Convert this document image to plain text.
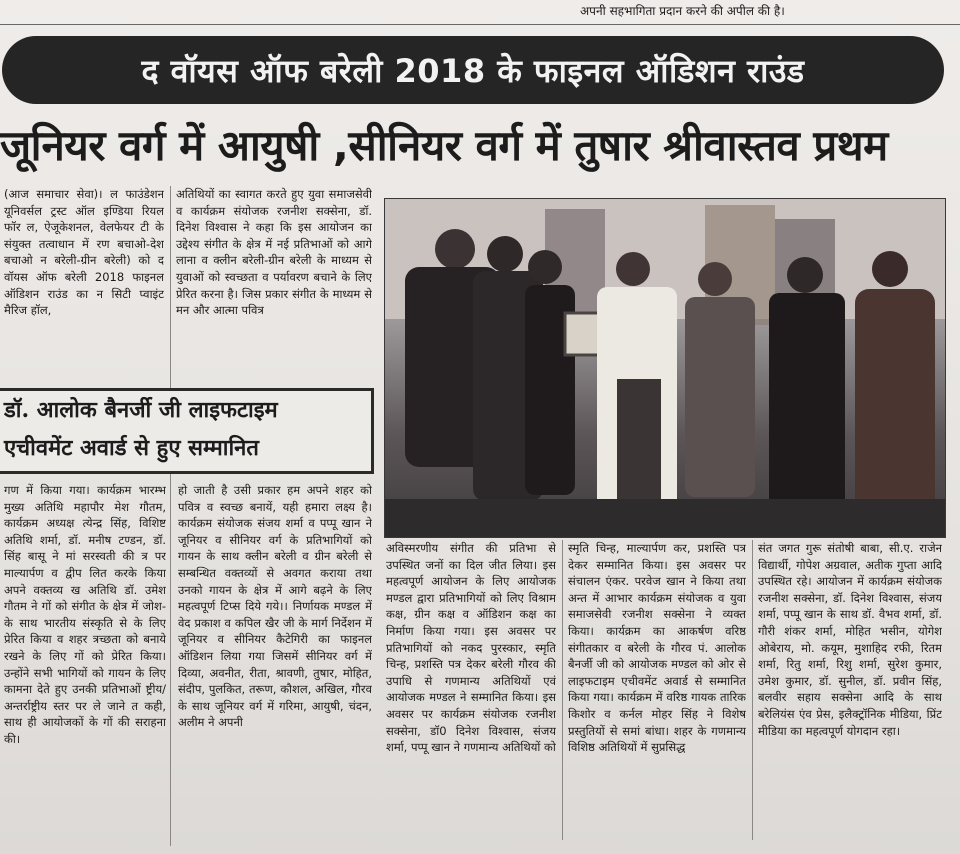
अपनी सहभागिता प्रदान करने की अपील की है।
द वॉयस ऑफ बरेली 2018 के फाइनल ऑडिशन राउंड
जूनियर वर्ग में आयुषी ,सीनियर वर्ग में तुषार श्रीवास्तव प्रथम

(आज समाचार सेवा)। ल फाउंडेशन यूनिवर्सल ट्रस्ट ऑल इण्डिया रियल फॉर ल, ऐजूकेशनल, वेलफेयर टी के संयुक्त तत्वाधान में रण बचाओ-देश बचाओ न बरेली-ग्रीन बरेली) को द वॉयस ऑफ बरेली 2018 फाइनल ऑडिशन राउंड का न सिटी प्वाइंट मैरिज हॉल,

अतिथियों का स्वागत करते हुए युवा समाजसेवी व कार्यक्रम संयोजक रजनीश सक्सेना, डॉ. दिनेश विश्वास ने कहा कि इस आयोजन का उद्देश्य संगीत के क्षेत्र में नई प्रतिभाओं को आगे लाना व क्लीन बरेली-ग्रीन बरेली के माध्यम से युवाओं को स्वच्छता व पर्यावरण बचाने के लिए प्रेरित करना है। जिस प्रकार संगीत के माध्यम से मन और आत्मा पवित्र

डॉ. आलोक बैनर्जी जी लाइफटाइम
एचीवमेंट अवार्ड से हुए सम्मानित

गण में किया गया। कार्यक्रम भारम्भ मुख्य अतिथि महापौर मेश गौतम, कार्यक्रम अध्यक्ष त्येन्द्र सिंह, विशिष्ट अतिथि शर्मा, डॉ. मनीष टण्डन, डॉ. सिंह बासू ने मां सरस्वती की त्र पर माल्यार्पण व द्वीप लित करके किया अपने वक्तव्य ख अतिथि डॉ. उमेश गौतम ने गों को संगीत के क्षेत्र में जोश- के साथ भारतीय संस्कृति से के लिए प्रेरित किया व शहर त्रच्छता को बनाये रखने के लिए गों को प्रेरित किया। उन्होंने सभी भागियों को गायन के लिए कामना देते हुए उनकी प्रतिभाओं ष्ट्रीय/अन्तर्राष्ट्रीय स्तर पर ले जाने त कही, साथ ही आयोजकों के गों की सराहना की।

हो जाती है उसी प्रकार हम अपने शहर को पवित्र व स्वच्छ बनायें, यही हमारा लक्ष्य है। कार्यक्रम संयोजक संजय शर्मा व पप्पू खान ने जूनियर व सीनियर वर्ग के प्रतिभागियों को गायन के साथ क्लीन बरेली व ग्रीन बरेली से सम्बन्धित वक्तव्यों से अवगत कराया तथा उनको गायन के क्षेत्र में आगे बढ़ने के लिए महत्वपूर्ण टिप्स दिये गये।। निर्णायक मण्डल में वेद प्रकाश व कपिल खैर जी के मार्ग निर्देशन में जूनियर व सीनियर कैटेगिरी का फाइनल ऑडिशन लिया गया जिसमें सीनियर वर्ग में दिव्या, अवनीत, रीता, श्रावणी, तुषार, मोहित, संदीप, पुलकित, तरूण, कौशल, अखिल, गौरव के साथ जूनियर वर्ग में गरिमा, आयुषी, चंदन, अलीम ने अपनी

अविस्मरणीय संगीत की प्रतिभा से उपस्थित जनों का दिल जीत लिया। इस महत्वपूर्ण आयोजन के लिए आयोजक मण्डल द्वारा प्रतिभागियों को लिए विश्राम कक्ष, ग्रीन कक्ष व ऑडिशन कक्ष का निर्माण किया गया। इस अवसर पर प्रतिभागियों को नकद पुरस्कार, स्मृति चिन्ह, प्रशस्ति पत्र देकर बरेली गौरव की उपाधि से गणमान्य अतिथियों एवं आयोजक मण्डल ने सम्मानित किया। इस अवसर पर कार्यक्रम संयोजक रजनीश सक्सेना, डॉ0 दिनेश विश्वास, संजय शर्मा, पप्पू खान ने गणमान्य अतिथियों को

स्मृति चिन्ह, माल्यार्पण कर, प्रशस्ति पत्र देकर सम्मानित किया। इस अवसर पर संचालन एंकर. परवेज खान ने किया तथा अन्त में आभार कार्यक्रम संयोजक व युवा समाजसेवी रजनीश सक्सेना ने व्यक्त किया। कार्यक्रम का आकर्षण वरिष्ठ संगीतकार व बरेली के गौरव पं. आलोक बैनर्जी जी को आयोजक मण्डल को ओर से लाइफटाइम एचीवमेंट अवार्ड से सम्मानित किया गया। कार्यक्रम में वरिष्ठ गायक तारिक किशोर व कर्नल मोहर सिंह ने विशेष प्रस्तुतियों से समां बांधा। शहर के गणमान्य विशिष्ठ अतिथियों में सुप्रसिद्ध

संत जगत गुरू संतोषी बाबा, सी.ए. राजेन विद्यार्थी, गोपेश अग्रवाल, अतीक गुप्ता आदि उपस्थित रहे। आयोजन में कार्यक्रम संयोजक रजनीश सक्सेना, डॉ. दिनेश विश्वास, संजय शर्मा, पप्पू खान के साथ डॉ. वैभव शर्मा, डॉ. गौरी शंकर शर्मा, मोहित भसीन, योगेश ओबेराय, मो. कयूम, मुशाहिद रफी, रितम शर्मा, रितु शर्मा, रिशु शर्मा, सुरेश कुमार, उमेश कुमार, डॉ. सुनील, डॉ. प्रवीन सिंह, बलवीर सहाय सक्सेना आदि के साथ बरेलियंस एंव प्रेस, इलैक्ट्रॉनिक मीडिया, प्रिंट मीडिया का महत्वपूर्ण योगदान रहा।
